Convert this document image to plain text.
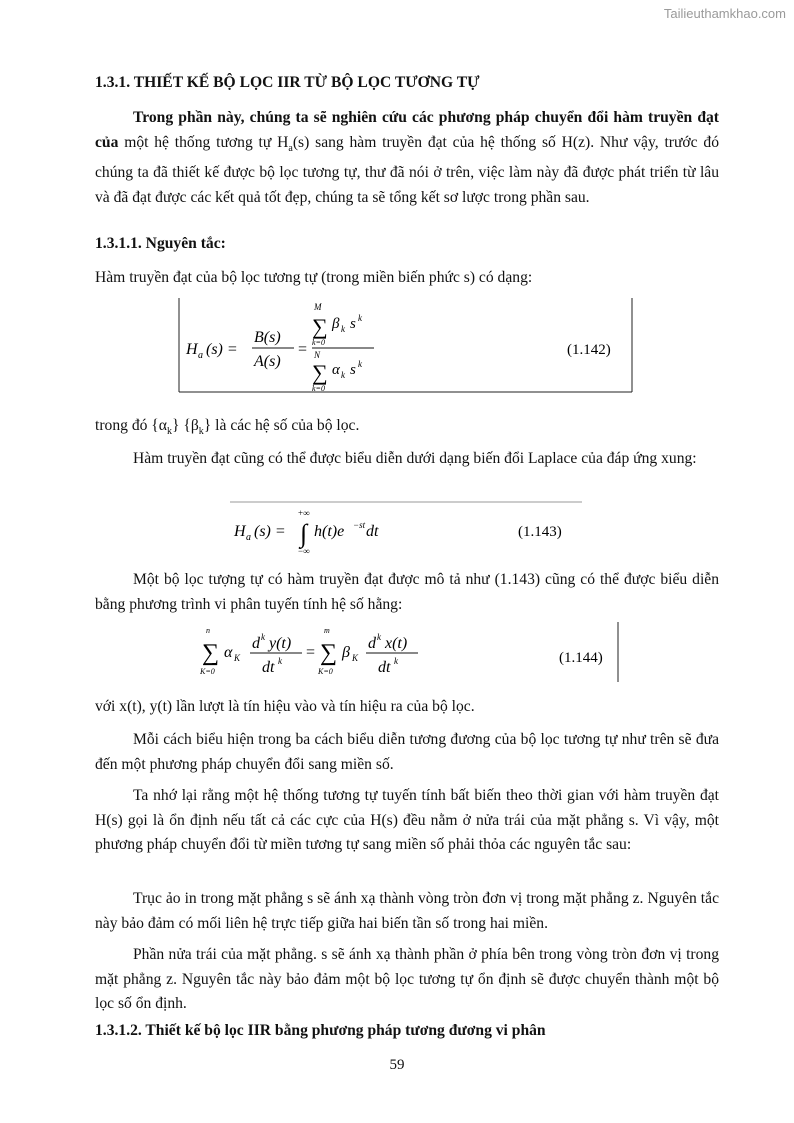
Tailieuthamkhao.com
1.3.1. THIẾT KẾ BỘ LỌC IIR TỪ BỘ LỌC TƯƠNG TỰ
Trong phần này, chúng ta sẽ nghiên cứu các phương pháp chuyển đổi hàm truyền đạt của một hệ thống tương tự $H_a(s)$ sang hàm truyền đạt của hệ thống số H(z). Như vậy, trước đó chúng ta đã thiết kế được bộ lọc tương tự, thư đã nói ở trên, việc làm này đã được phát triển từ lâu và đã đạt được các kết quả tốt đẹp, chúng ta sẽ tổng kết sơ lược trong phần sau.
1.3.1.1. Nguyên tắc:
Hàm truyền đạt của bộ lọc tương tự (trong miền biến phức s) có dạng:
H a (s) =
B(s)
A(s)
=
M
∑
k=0
β k s k
N
∑
k=0
α k s k
(1.142)
trong đó $\{\alpha_k\}$ $\{\beta_k\}$ là các hệ số của bộ lọc.
Hàm truyền đạt cũng có thể được biểu diễn dưới dạng biến đổi Laplace của đáp ứng xung:
H a (s) =
+∞
∫
−∞
h(t)e −st dt	(1.143)
Một bộ lọc tượng tự có hàm truyền đạt được mô tả như (1.143) cũng có thể được biểu diễn bằng phương trình vi phân tuyến tính hệ số hằng:
n
∑
K=0
α K
d k y(t)
dt k =
m
∑
K=0
β K
d k x(t)
dt k	(1.144)
với x(t), y(t) lần lượt là tín hiệu vào và tín hiệu ra của bộ lọc.
Mỗi cách biểu hiện trong ba cách biểu diễn tương đương của bộ lọc tương tự như trên sẽ đưa đến một phương pháp chuyển đổi sang miền số.
Ta nhớ lại rằng một hệ thống tương tự tuyến tính bất biến theo thời gian với hàm truyền đạt H(s) gọi là ổn định nếu tất cả các cực của H(s) đều nằm ở nửa trái của mặt phẳng s. Vì vậy, một phương pháp chuyển đổi từ miền tương tự sang miền số phải thỏa các nguyên tắc sau:
Trục ảo in trong mặt phẳng s sẽ ánh xạ thành vòng tròn đơn vị trong mặt phẳng z. Nguyên tắc này bảo đảm có mối liên hệ trực tiếp giữa hai biến tần số trong hai miền.
Phần nửa trái của mặt phẳng. s sẽ ánh xạ thành phần ở phía bên trong vòng tròn đơn vị trong mặt phẳng z. Nguyên tắc này bảo đảm một bộ lọc tương tự ổn định sẽ được chuyển thành một bộ lọc số ổn định.
1.3.1.2. Thiết kế bộ lọc IIR bằng phương pháp tương đương vi phân
59
